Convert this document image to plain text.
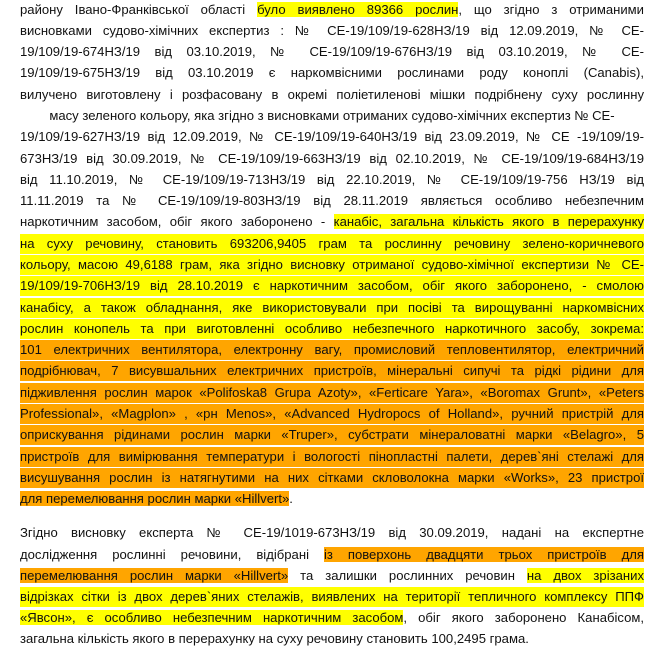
району Івано-Франківської області було виявлено 89366 рослин, що згідно з отриманими
висновками судово-хімічних експертиз : № СЕ-19/109/19-628НЗ/19 від 12.09.2019, № СЕ-
19/109/19-674НЗ/19 від 03.10.2019, № СЕ-19/109/19-676НЗ/19 від 03.10.2019, № СЕ-
19/109/19-675НЗ/19 від 03.10.2019 є наркомвісними рослинами роду коноплі (Canabis),
вилучено виготовлену і розфасовану в окремі поліетиленові мішки подрібнену суху рослинну
масу зеленого кольору, яка згідно з висновками отриманих судово-хімічних експертиз № СЕ-
19/109/19-627НЗ/19 від 12.09.2019, № СЕ-19/109/19-640НЗ/19 від 23.09.2019, № СЕ -19/109/19-
673НЗ/19 від 30.09.2019, № СЕ-19/109/19-663НЗ/19 від 02.10.2019, № СЕ-19/109/19-684НЗ/19
від 11.10.2019, № СЕ-19/109/19-713НЗ/19 від 22.10.2019, № СЕ-19/109/19-756 НЗ/19 від
11.11.2019 та № СЕ-19/109/19-803НЗ/19 від 28.11.2019 являється особливо небезпечним
наркотичним засобом, обіг якого заборонено - канабіс, загальна кількість якого в перерахунку
на суху речовину, становить 693206,9405 грам та рослинну речовину зелено-коричневого
кольору, масою 49,6188 грам, яка згідно висновку отриманої судово-хімічної експертизи № СЕ-
19/109/19-706НЗ/19 від 28.10.2019 є наркотичним засобом, обіг якого заборонено, - смолою
канабісу, а також обладнання, яке використовували при посіві та вирощуванні наркомвісних
рослин конопель та при виготовленні особливо небезпечного наркотичного засобу, зокрема:
101 електричних вентилятора, електронну вагу, промисловий тепловентилятор, електричний
подрібнювач, 7 висувшальних електричних пристроїв, мінеральні сипучі та рідкі рідини для
підживлення рослин марок «Polifoska8 Grupa Azoty», «Ferticare Yara», «Boromax Grunt», «Peters
Professional», «Magplon» , «рн Menos», «Advanced Hydropocs of Holland», ручний пристрій для
оприскування рідинами рослин марки «Truper», субстрати мінераловатні марки «Belagro», 5
пристроїв для вимірювання температури і вологості пінопластні палети, дерев`яні стелажі для
висушування рослин із натягнутими на них сітками скловолокна марки «Works», 23 пристрої
для перемелювання рослин марки «Hillvert».
Згідно висновку експерта № СЕ-19/1019-673НЗ/19 від 30.09.2019, надані на експертне
дослідження рослинні речовини, відібрані із поверхонь двадцяти трьох пристроїв для
перемелювання рослин марки «Hillvert» та залишки рослинних речовин на двох зрізаних
відрізках сітки із двох дерев`яних стелажів, виявлених на території тепличного комплексу ППФ
«Явсон», є особливо небезпечним наркотичним засобом, обіг якого заборонено Канабісом,
загальна кількість якого в перерахунку на суху речовину становить 100,2495 грама.
